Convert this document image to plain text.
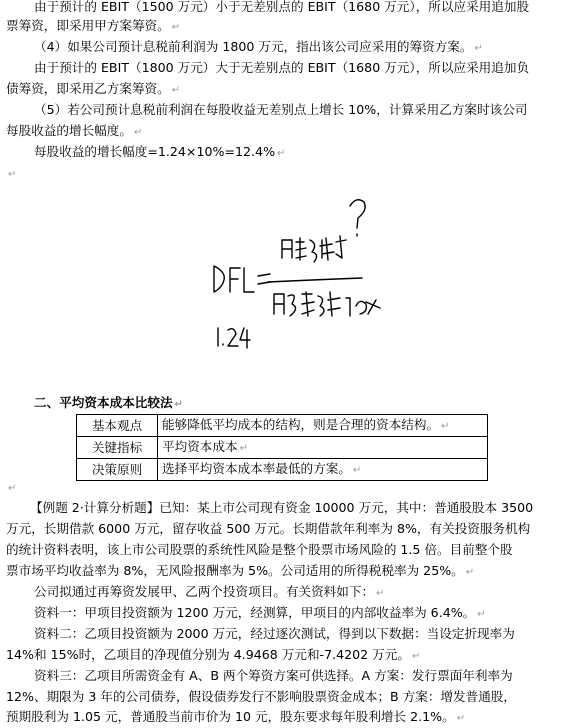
由于预计的 EBIT（1500 万元）小于无差别点的 EBIT（1680 万元），所以应采用追加股
票筹资，即采用甲方案筹资。 ↵
（4）如果公司预计息税前利润为 1800 万元，指出该公司应采用的筹资方案。 ↵
由于预计的 EBIT（1800 万元）大于无差别点的 EBIT（1680 万元），所以应采用追加负
债筹资，即采用乙方案筹资。 ↵
（5）若公司预计息税前利润在每股收益无差别点上增长 10%，计算采用乙方案时该公司
每股收益的增长幅度。 ↵
每股收益的增长幅度=1.24×10%=12.4% ↵
↵
二、平均资本成本比较法 ↵
基本观点	能够降低平均成本的结构，则是合理的资本结构。 ↵
关键指标	平均资本成本 ↵
决策原则	选择平均资本成本率最低的方案。 ↵
↵
【例题 2·计算分析题】已知：某上市公司现有资金 10000 万元，其中：普通股股本 3500
万元，长期借款 6000 万元，留存收益 500 万元。长期借款年利率为 8%，有关投资服务机构
的统计资料表明，该上市公司股票的系统性风险是整个股票市场风险的 1.5 倍。目前整个股
票市场平均收益率为 8%，无风险报酬率为 5%。公司适用的所得税税率为 25%。 ↵
公司拟通过再筹资发展甲、乙两个投资项目。有关资料如下： ↵
资料一：甲项目投资额为 1200 万元，经测算，甲项目的内部收益率为 6.4%。 ↵
资料二：乙项目投资额为 2000 万元，经过逐次测试，得到以下数据：当设定折现率为
14%和 15%时，乙项目的净现值分别为 4.9468 万元和-7.4202 万元。 ↵
资料三：乙项目所需资金有 A、B 两个筹资方案可供选择。A 方案：发行票面年利率为
12%、期限为 3 年的公司债券，假设债券发行不影响股票资金成本；B 方案：增发普通股，
预期股利为 1.05 元，普通股当前市价为 10 元，股东要求每年股利增长 2.1%。 ↵
